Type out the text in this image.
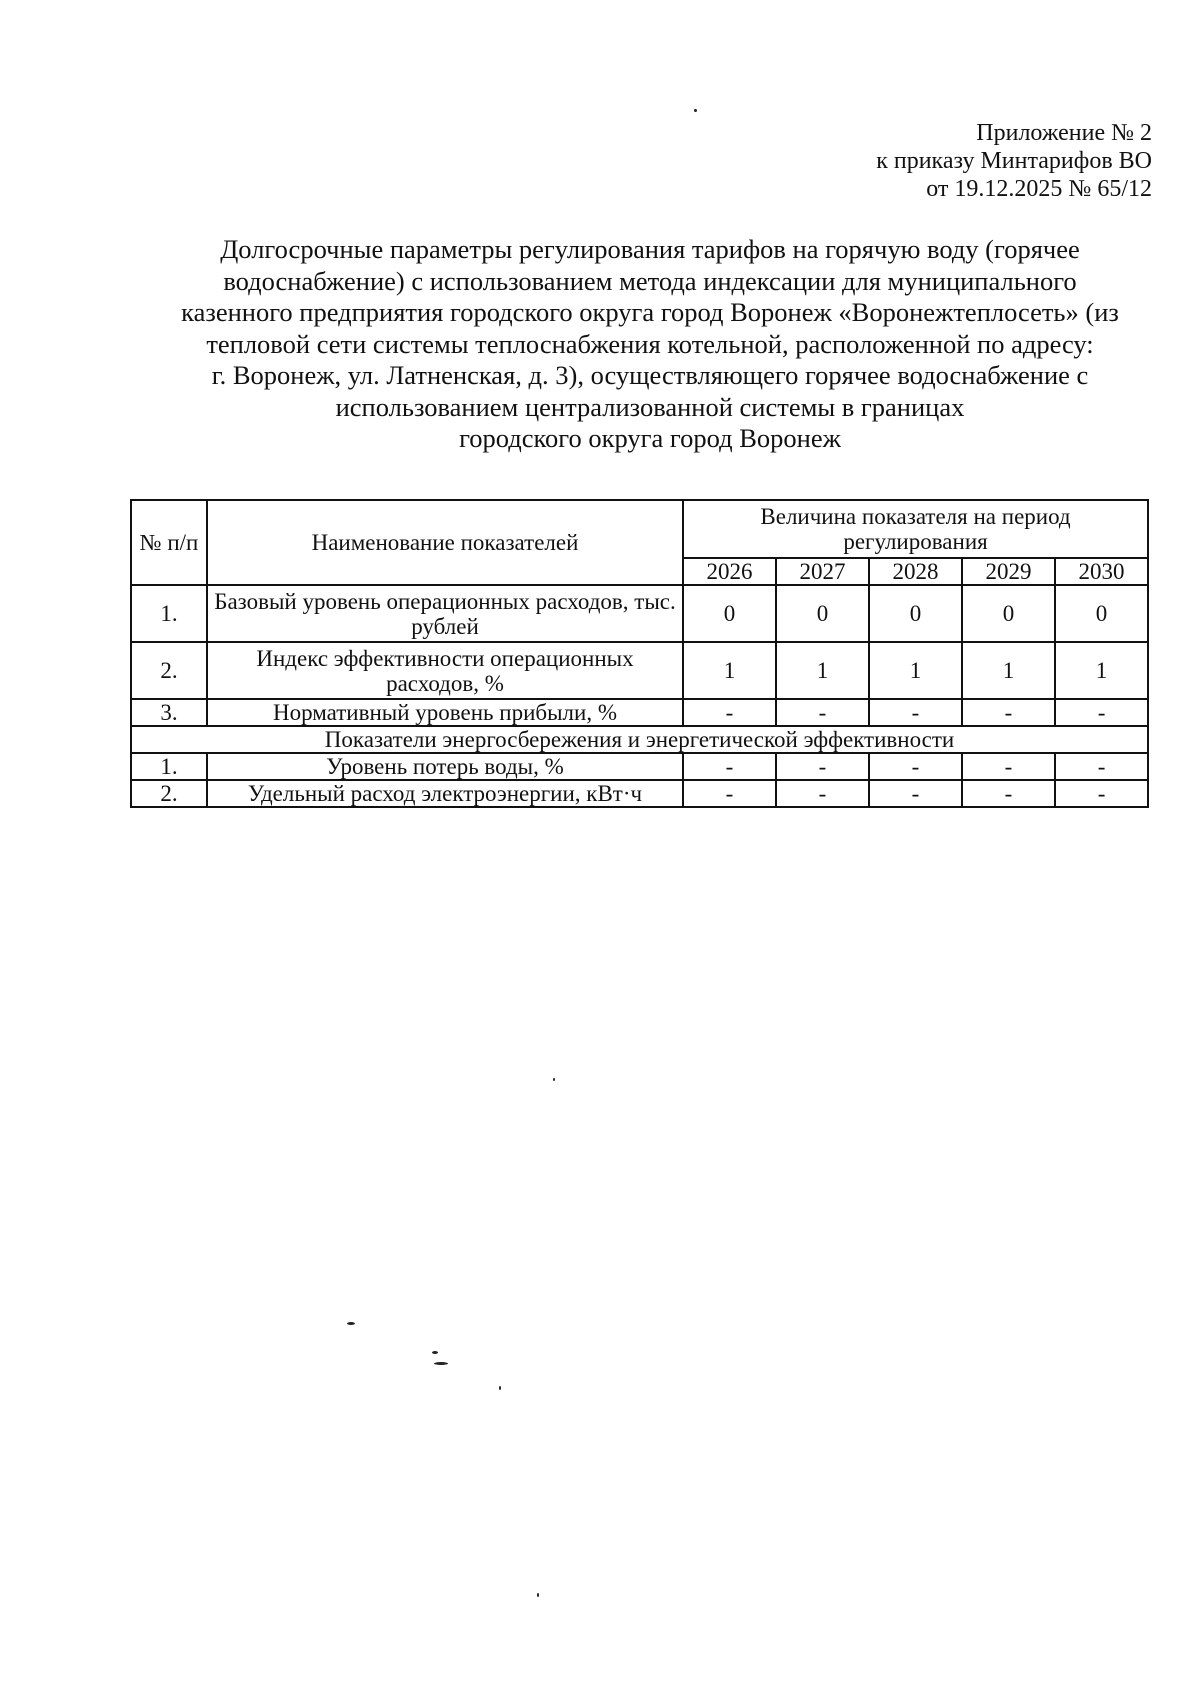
Приложение № 2
к приказу Минтарифов ВО
от 19.12.2025 № 65/12
Долгосрочные параметры регулирования тарифов на горячую воду (горячее
водоснабжение) с использованием метода индексации для муниципального
казенного предприятия городского округа город Воронеж «Воронежтеплосеть» (из
тепловой сети системы теплоснабжения котельной, расположенной по адресу:
г. Воронеж, ул. Латненская, д. 3), осуществляющего горячее водоснабжение с
использованием централизованной системы в границах
городского округа город Воронеж
№ п/п	Наименование показателей	Величина показателя на период регулирования				
		2026	2027	2028	2029	2030
1.	Базовый уровень операционных расходов, тыс. рублей	0	0	0	0	0
2.	Индекс эффективности операционных расходов, %	1	1	1	1	1
3.	Нормативный уровень прибыли, %	-	-	-	-	-
Показатели энергосбережения и энергетической эффективности						
1.	Уровень потерь воды, %	-	-	-	-	-
2.	Удельный расход электроэнергии, кВт·ч	-	-	-	-	-
